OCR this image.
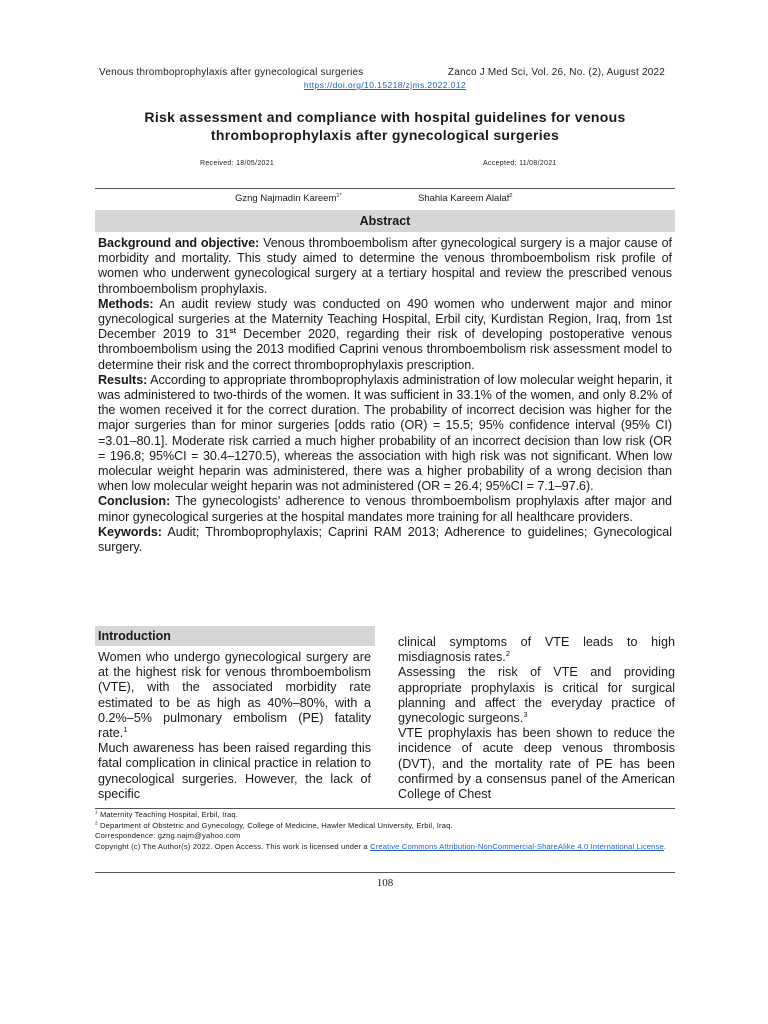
Venous thromboprophylaxis after gynecological surgeries	Zanco J Med Sci, Vol. 26, No. (2), August 2022
https://doi.org/10.15218/zjms.2022.012
Risk assessment and compliance with hospital guidelines for venous thromboprophylaxis after gynecological surgeries
Received: 18/05/2021	Accepted: 11/08/2021
Gzng Najmadin Kareem$^{1*}$	Shahla Kareem Alalaf$^2$
Abstract

Background and objective: Venous thromboembolism after gynecological surgery is a major cause of morbidity and mortality. This study aimed to determine the venous thromboembolism risk profile of women who underwent gynecological surgery at a tertiary hospital and review the prescribed venous thromboembolism prophylaxis.

Methods: An audit review study was conducted on 490 women who underwent major and minor gynecological surgeries at the Maternity Teaching Hospital, Erbil city, Kurdistan Region, Iraq, from 1st December 2019 to 31st December 2020, regarding their risk of developing postoperative venous thromboembolism using the 2013 modified Caprini venous thromboembolism risk assessment model to determine their risk and the correct thromboprophylaxis prescription.

Results: According to appropriate thromboprophylaxis administration of low molecular weight heparin, it was administered to two-thirds of the women. It was sufficient in 33.1% of the women, and only 8.2% of the women received it for the correct duration. The probability of incorrect decision was higher for the major surgeries than for minor surgeries [odds ratio (OR) = 15.5; 95% confidence interval (95% CI) =3.01–80.1]. Moderate risk carried a much higher probability of an incorrect decision than low risk (OR = 196.8; 95%CI = 30.4–1270.5), whereas the association with high risk was not significant. When low molecular weight heparin was administered, there was a higher probability of a wrong decision than when low molecular weight heparin was not administered (OR = 26.4; 95%CI = 7.1–97.6).

Conclusion: The gynecologists' adherence to venous thromboembolism prophylaxis after major and minor gynecological surgeries at the hospital mandates more training for all healthcare providers.

Keywords: Audit; Thromboprophylaxis; Caprini RAM 2013; Adherence to guidelines; Gynecological surgery.

Introduction

Women who undergo gynecological surgery are at the highest risk for venous thromboembolism (VTE), with the associated morbidity rate estimated to be as high as 40%–80%, with a 0.2%–5% pulmonary embolism (PE) fatality rate.$^1$

Much awareness has been raised regarding this fatal complication in clinical practice in relation to gynecological surgeries. However, the lack of specific

clinical symptoms of VTE leads to high misdiagnosis rates.$^2$

Assessing the risk of VTE and providing appropriate prophylaxis is critical for surgical planning and affect the everyday practice of gynecologic surgeons.$^3$

VTE prophylaxis has been shown to reduce the incidence of acute deep venous thrombosis (DVT), and the mortality rate of PE has been confirmed by a consensus panel of the American College of Chest

$^1$ Maternity Teaching Hospital, Erbil, Iraq.
$^2$ Department of Obstetric and Gynecology, College of Medicine, Hawler Medical University, Erbil, Iraq.
Correspondence: gzng.najm@yahoo.com
Copyright (c) The Author(s) 2022. Open Access. This work is licensed under a Creative Commons Attribution-NonCommercial-ShareAlike 4.0 International License.
108
